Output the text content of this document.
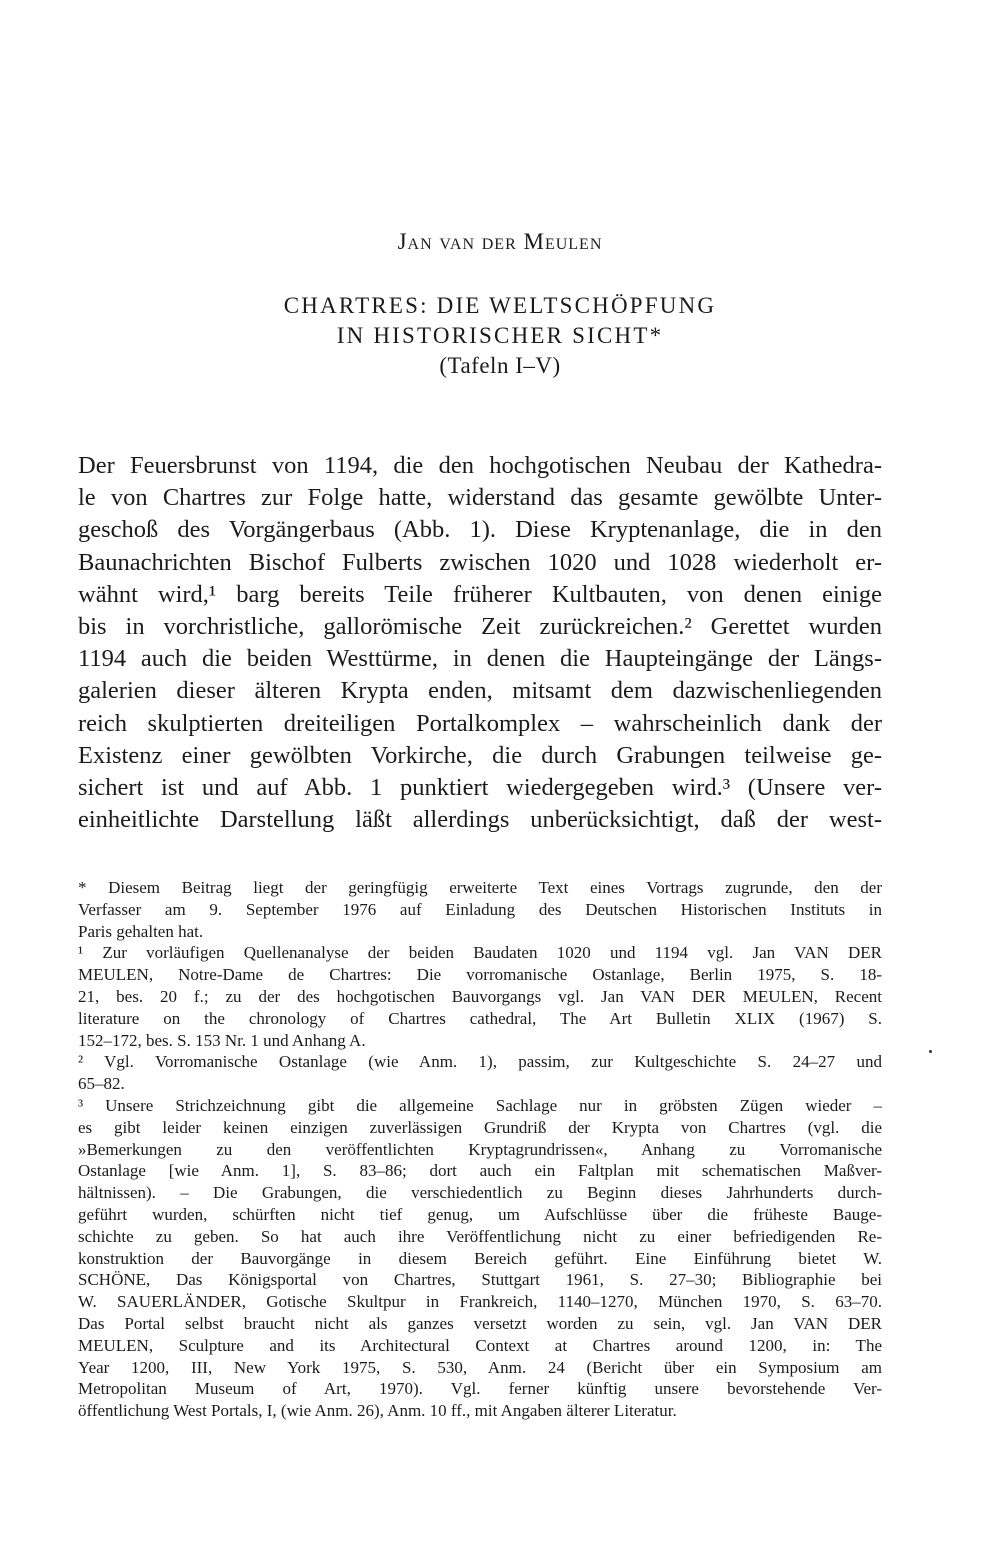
Jan van der Meulen
CHARTRES: DIE WELTSCHÖPFUNG
IN HISTORISCHER SICHT*
(Tafeln I–V)
Der Feuersbrunst von 1194, die den hochgotischen Neubau der Kathedra-
le von Chartres zur Folge hatte, widerstand das gesamte gewölbte Unter-
geschoß des Vorgängerbaus (Abb. 1). Diese Kryptenanlage, die in den
Baunachrichten Bischof Fulberts zwischen 1020 und 1028 wiederholt er-
wähnt wird,¹ barg bereits Teile früherer Kultbauten, von denen einige
bis in vorchristliche, gallorömische Zeit zurückreichen.² Gerettet wurden
1194 auch die beiden Westtürme, in denen die Haupteingänge der Längs-
galerien dieser älteren Krypta enden, mitsamt dem dazwischenliegenden
reich skulptierten dreiteiligen Portalkomplex – wahrscheinlich dank der
Existenz einer gewölbten Vorkirche, die durch Grabungen teilweise ge-
sichert ist und auf Abb. 1 punktiert wiedergegeben wird.³ (Unsere ver-
einheitlichte Darstellung läßt allerdings unberücksichtigt, daß der west-
* Diesem Beitrag liegt der geringfügig erweiterte Text eines Vortrags zugrunde, den der
Verfasser am 9. September 1976 auf Einladung des Deutschen Historischen Instituts in
Paris gehalten hat.
¹ Zur vorläufigen Quellenanalyse der beiden Baudaten 1020 und 1194 vgl. Jan VAN DER
MEULEN, Notre-Dame de Chartres: Die vorromanische Ostanlage, Berlin 1975, S. 18-
21, bes. 20 f.; zu der des hochgotischen Bauvorgangs vgl. Jan VAN DER MEULEN, Recent
literature on the chronology of Chartres cathedral, The Art Bulletin XLIX (1967) S.
152–172, bes. S. 153 Nr. 1 und Anhang A.
² Vgl. Vorromanische Ostanlage (wie Anm. 1), passim, zur Kultgeschichte S. 24–27 und
65–82.
³ Unsere Strichzeichnung gibt die allgemeine Sachlage nur in gröbsten Zügen wieder –
es gibt leider keinen einzigen zuverlässigen Grundriß der Krypta von Chartres (vgl. die
»Bemerkungen zu den veröffentlichten Kryptagrundrissen«, Anhang zu Vorromanische
Ostanlage [wie Anm. 1], S. 83–86; dort auch ein Faltplan mit schematischen Maßver-
hältnissen). – Die Grabungen, die verschiedentlich zu Beginn dieses Jahrhunderts durch-
geführt wurden, schürften nicht tief genug, um Aufschlüsse über die früheste Bauge-
schichte zu geben. So hat auch ihre Veröffentlichung nicht zu einer befriedigenden Re-
konstruktion der Bauvorgänge in diesem Bereich geführt. Eine Einführung bietet W.
SCHÖNE, Das Königsportal von Chartres, Stuttgart 1961, S. 27–30; Bibliographie bei
W. SAUERLÄNDER, Gotische Skultpur in Frankreich, 1140–1270, München 1970, S. 63–70.
Das Portal selbst braucht nicht als ganzes versetzt worden zu sein, vgl. Jan VAN DER
MEULEN, Sculpture and its Architectural Context at Chartres around 1200, in: The
Year 1200, III, New York 1975, S. 530, Anm. 24 (Bericht über ein Symposium am
Metropolitan Museum of Art, 1970). Vgl. ferner künftig unsere bevorstehende Ver-
öffentlichung West Portals, I, (wie Anm. 26), Anm. 10 ff., mit Angaben älterer Literatur.
